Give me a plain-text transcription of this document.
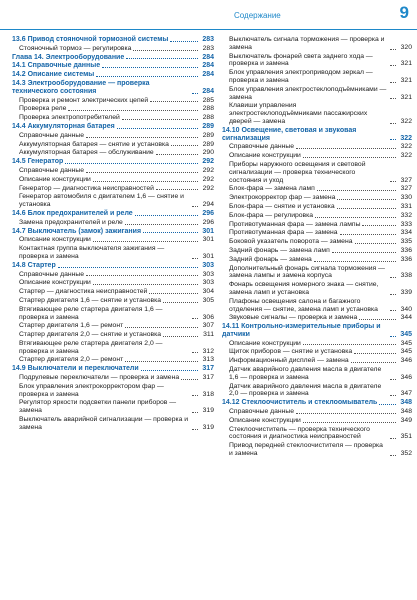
Содержание	9
13.6 Привод стояночной тормозной системы	283
Стояночный тормоз — регулировка	283
Глава 14. Электрооборудование	284
14.1 Справочные данные	284
14.2 Описание системы	284
14.3 Электрооборудование — проверка технического состояния	284
Проверка и ремонт электрических цепей	285
Проверка реле	288
Проверка электропотребителей	288
14.4 Аккумуляторная батарея	289
Справочные данные	289
Аккумуляторная батарея — снятие и установка	289
Аккумуляторная батарея — обслуживание	290
14.5 Генератор	292
Справочные данные	292
Описание конструкции	292
Генератор — диагностика неисправностей	292
Генератор автомобиля с двигателем 1,6 — снятие и установка	294
14.6 Блок предохранителей и реле	296
Замена предохранителей и реле	296
14.7 Выключатель (замок) зажигания	301
Описание конструкции	301
Контактная группа выключателя зажигания — проверка и замена	301
14.8 Стартер	303
Справочные данные	303
Описание конструкции	303
Стартер — диагностика неисправностей	304
Стартер двигателя 1,6 — снятие и установка	305
Втягивающее реле стартера двигателя 1,6 — проверка и замена	306
Стартер двигателя 1,6 — ремонт	307
Стартер двигателя 2,0 — снятие и установка	311
Втягивающее реле стартера двигателя 2,0 — проверка и замена	312
Стартер двигателя 2,0 — ремонт	313
14.9 Выключатели и переключатели	317
Подрулевые переключатели — проверка и замена	317
Блок управления электрокорректором фар — проверка и замена	318
Регулятор яркости подсветки панели приборов — замена	319
Выключатель аварийной сигнализации — проверка и замена	319
Выключатель сигнала торможения — проверка и замена	320
Выключатель фонарей света заднего хода — проверка и замена	321
Блок управления электроприводом зеркал — проверка и замена	321
Блок управления электростеклоподъёмниками — замена	321
Клавиши управления электростеклоподъёмниками пассажирских дверей — замена	322
14.10 Освещение, световая и звуковая сигнализация	322
Справочные данные	322
Описание конструкции	322
Приборы наружного освещения и световой сигнализации — проверка технического состояния и уход	327
Блок-фара — замена ламп	327
Электрокорректор фар — замена	330
Блок-фара — снятие и установка	331
Блок-фара — регулировка	332
Противотуманная фара — замена лампы	333
Противотуманная фара — замена	334
Боковой указатель поворота — замена	335
Задний фонарь — замена ламп	336
Задний фонарь — замена	336
Дополнительный фонарь сигнала торможения — замена лампы и замена корпуса	338
Фонарь освещения номерного знака — снятие, замена ламп и установка	339
Плафоны освещения салона и багажного отделения — снятие, замена ламп и установка	340
Звуковые сигналы — проверка и замена	344
14.11 Контрольно-измерительные приборы и датчики	345
Описание конструкции	345
Щиток приборов — снятие и установка	345
Информационный дисплей — замена	346
Датчик аварийного давления масла в двигателе 1,6 — проверка и замена	346
Датчик аварийного давления масла в двигателе 2,0 — проверка и замена	347
14.12 Стеклоочиститель и стеклоомыватель	348
Справочные данные	348
Описание конструкции	349
Стеклоочиститель — проверка технического состояния и диагностика неисправностей	351
Привод передней стеклоочистителя — проверка и замена	352
